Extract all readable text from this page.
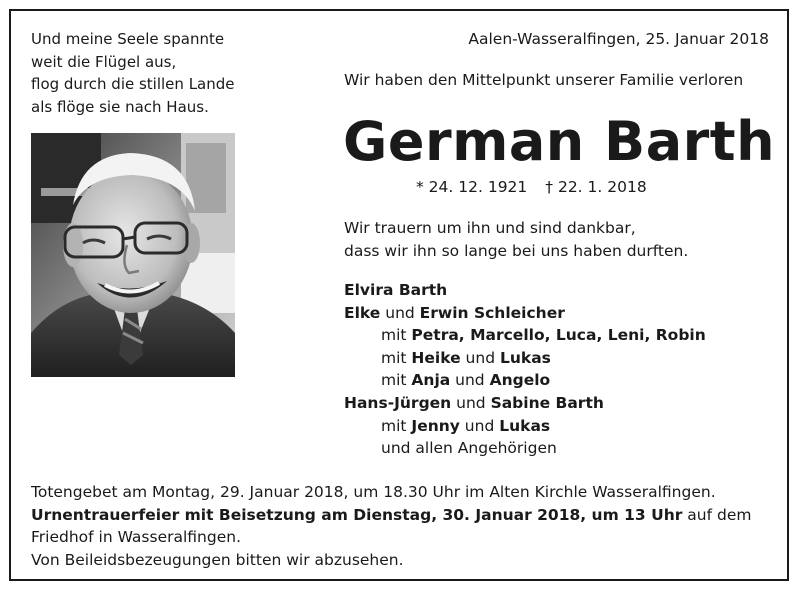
Und meine Seele spannte
weit die Flügel aus,
flog durch die stillen Lande
als flöge sie nach Haus.
Aalen-Wasseralfingen, 25. Januar 2018
Wir haben den Mittelpunkt unserer Familie verloren
German Barth
* 24. 12. 1921 † 22. 1. 2018
Wir trauern um ihn und sind dankbar,
dass wir ihn so lange bei uns haben durften.
Elvira Barth
Elke und Erwin Schleicher
mit Petra, Marcello, Luca, Leni, Robin
mit Heike und Lukas
mit Anja und Angelo
Hans-Jürgen und Sabine Barth
mit Jenny und Lukas
und allen Angehörigen
Totengebet am Montag, 29. Januar 2018, um 18.30 Uhr im Alten Kirchle Wasseralfingen.
Urnentrauerfeier mit Beisetzung am Dienstag, 30. Januar 2018, um 13 Uhr auf dem Friedhof in Wasseralfingen.
Von Beileidsbezeugungen bitten wir abzusehen.
